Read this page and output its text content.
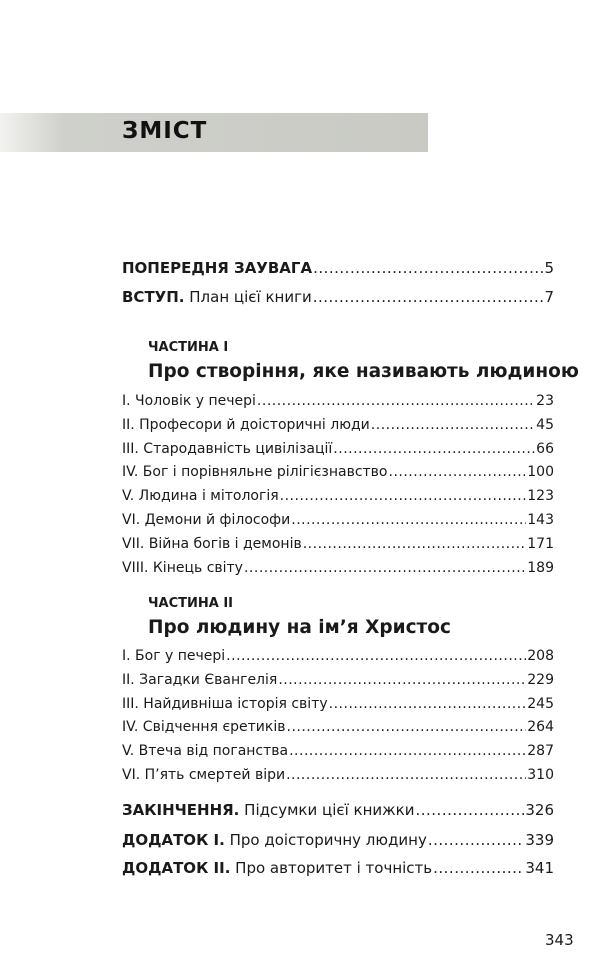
ЗМІСТ
ПОПЕРЕДНЯ ЗАУВАГА .....	5
ВСТУП. План цієї книги .....	7
ЧАСТИНА I
Про створіння, яке називають людиною
I. Чоловік у печері .....	23
II. Професори й доісторичні люди .....	45
III. Стародавність цивілізації .....	66
IV. Бог і порівняльне рілігієзнавство .....	100
V. Людина і мітологія .....	123
VI. Демони й філософи .....	143
VII. Війна богів і демонів .....	171
VIII. Кінець світу .....	189
ЧАСТИНА II
Про людину на ім’я Христос
I. Бог у печері .....	208
II. Загадки Євангелія .....	229
III. Найдивніша історія світу .....	245
IV. Свідчення єретиків .....	264
V. Втеча від поганства .....	287
VI. П’ять смертей віри .....	310
ЗАКІНЧЕННЯ. Підсумки цієї книжки .....	326
ДОДАТОК I. Про доісторичну людину .....	339
ДОДАТОК II. Про авторитет і точність .....	341
343
